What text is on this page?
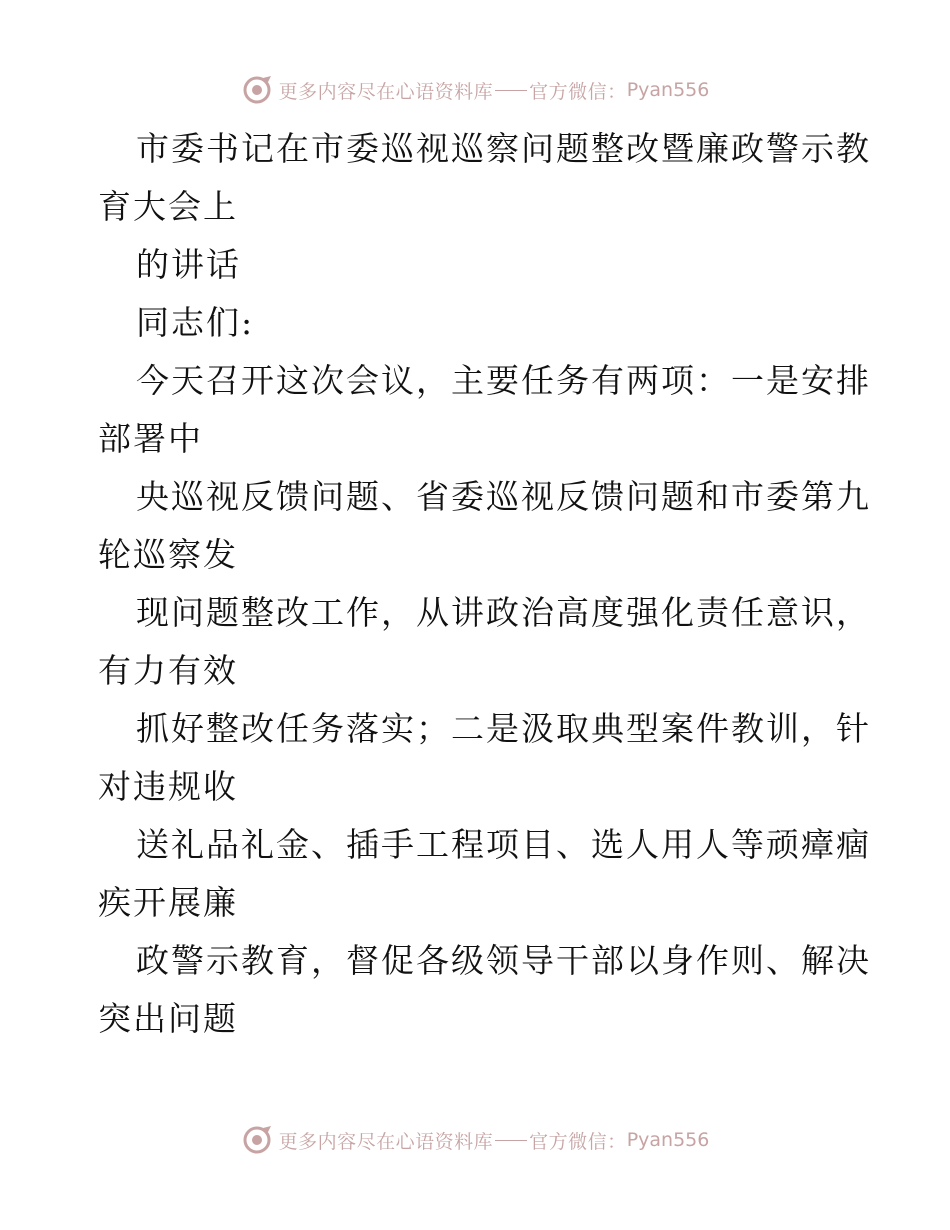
更多内容尽在心语资料库 官方微信： Pyan556
市委书记在市委巡视巡察问题整改暨廉政警示教
育大会上
的讲话
同志们:
今天召开这次会议，主要任务有两项：一是安排
部署中
央巡视反馈问题、省委巡视反馈问题和市委第九
轮巡察发
现问题整改工作，从讲政治高度强化责任意识，
有力有效
抓好整改任务落实；二是汲取典型案件教训，针
对违规收
送礼品礼金、插手工程项目、选人用人等顽瘴痼
疾开展廉
政警示教育，督促各级领导干部以身作则、解决
突出问题
更多内容尽在心语资料库 官方微信： Pyan556
